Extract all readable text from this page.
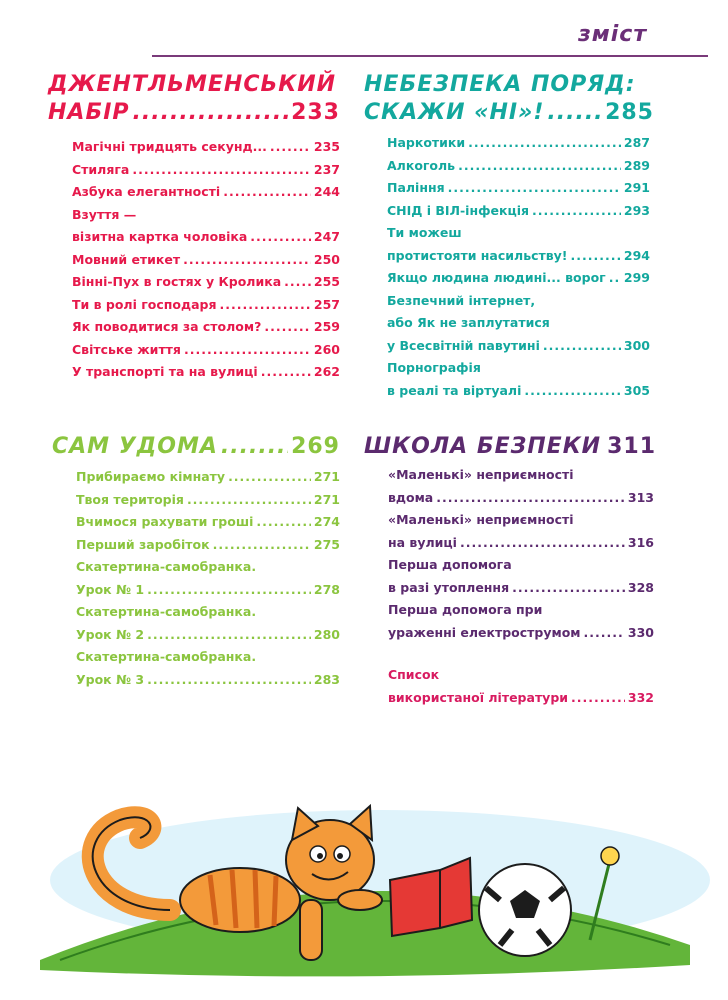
зміст
ДЖЕНТЛЬМЕНСЬКИЙ
НАБІР .....	233
Магічні тридцять секунд... .....	235
Стиляга .....	237
Азбука елегантності .....	244
Взуття —
візитна картка чоловіка .....	247
Мовний етикет .....	250
Вінні-Пух в гостях у Кролика .....	255
Ти в ролі господаря .....	257
Як поводитися за столом? .....	259
Світське життя .....	260
У транспорті та на вулиці .....	262
НЕБЕЗПЕКА ПОРЯД:
СКАЖИ «НІ»! .....	285
Наркотики .....	287
Алкоголь .....	289
Паління .....	291
СНІД і ВІЛ-інфекція .....	293
Ти можеш
протистояти насильству! .....	294
Якщо людина людині... ворог ..... 299
Безпечний інтернет,
або Як не заплутатися
у Всесвітній павутині .....	300
Порнографія
в реалі та віртуалі .....	305
САМ УДОМА .....	269
Прибираємо кімнату .....	271
Твоя територія .....	271
Вчимося рахувати гроші .....	274
Перший заробіток .....	275
Скатертина-самобранка.
Урок № 1 .....	278
Скатертина-самобранка.
Урок № 2 .....	280
Скатертина-самобранка.
Урок № 3 .....	283
ШКОЛА БЕЗПЕКИ 311
«Маленькі» неприємності
вдома .....	313
«Маленькі» неприємності
на вулиці .....	316
Перша допомога
в разі утоплення .....	328
Перша допомога при
ураженні електрострумом .....	330
Список
використаної літератури .....	332
